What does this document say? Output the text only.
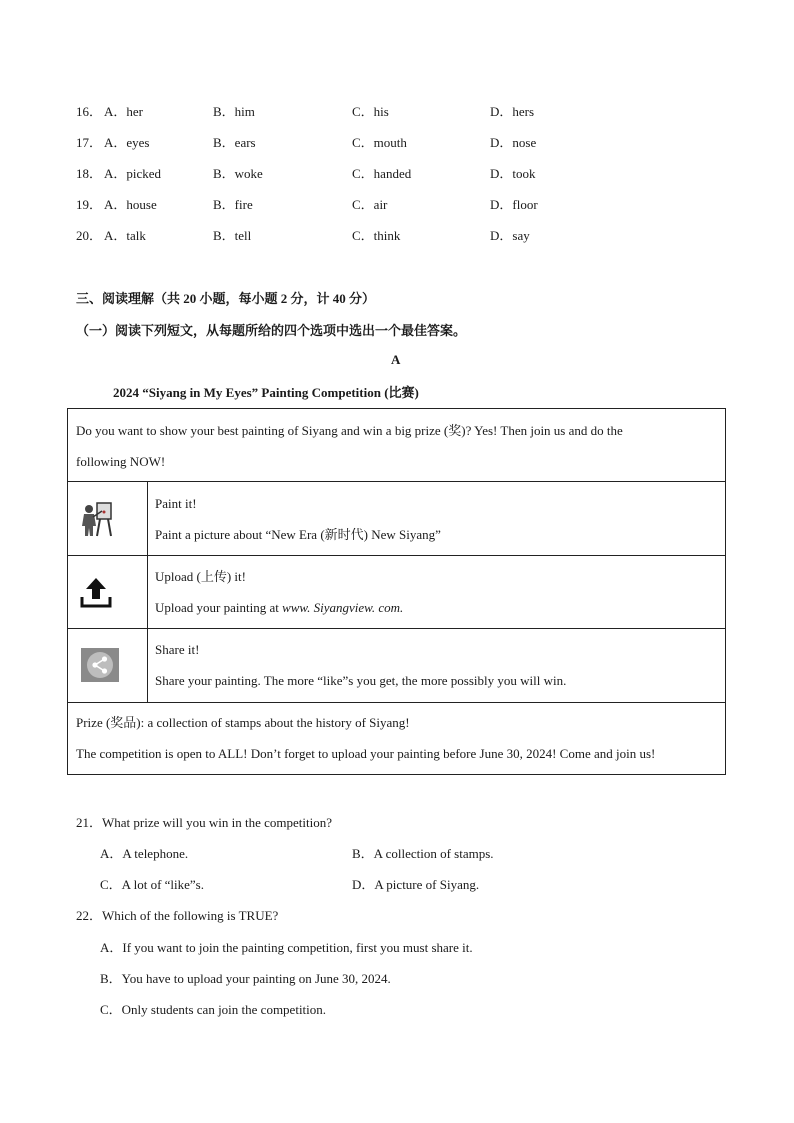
16． A．her	B．him	C．his	D．hers
17． A．eyes	B．ears	C．mouth	D．nose
18． A．picked	B．woke	C．handed	D．took
19． A．house	B．fire	C．air	D．floor
20． A．talk	B．tell	C．think	D．say
三、阅读理解（共 20 小题，每小题 2 分，计 40 分）
（一）阅读下列短文，从每题所给的四个选项中选出一个最佳答案。
A
2024 “Siyang in My Eyes” Painting Competition (比赛)
Do you want to show your best painting of Siyang and win a big prize (奖)? Yes! Then join us and do the
following NOW!
Paint it!
Paint a picture about “New Era (新时代) New Siyang”
Upload (上传) it!
Upload your painting at www. Siyangview. com.
Share it!
Share your painting. The more “like”s you get, the more possibly you will win.
Prize (奖品): a collection of stamps about the history of Siyang!
The competition is open to ALL! Don’t forget to upload your painting before June 30, 2024! Come and join us!
21．What prize will you win in the competition?
A．A telephone.	B．A collection of stamps.
C．A lot of “like”s.	D．A picture of Siyang.
22．Which of the following is TRUE?
A．If you want to join the painting competition, first you must share it.
B．You have to upload your painting on June 30, 2024.
C．Only students can join the competition.
